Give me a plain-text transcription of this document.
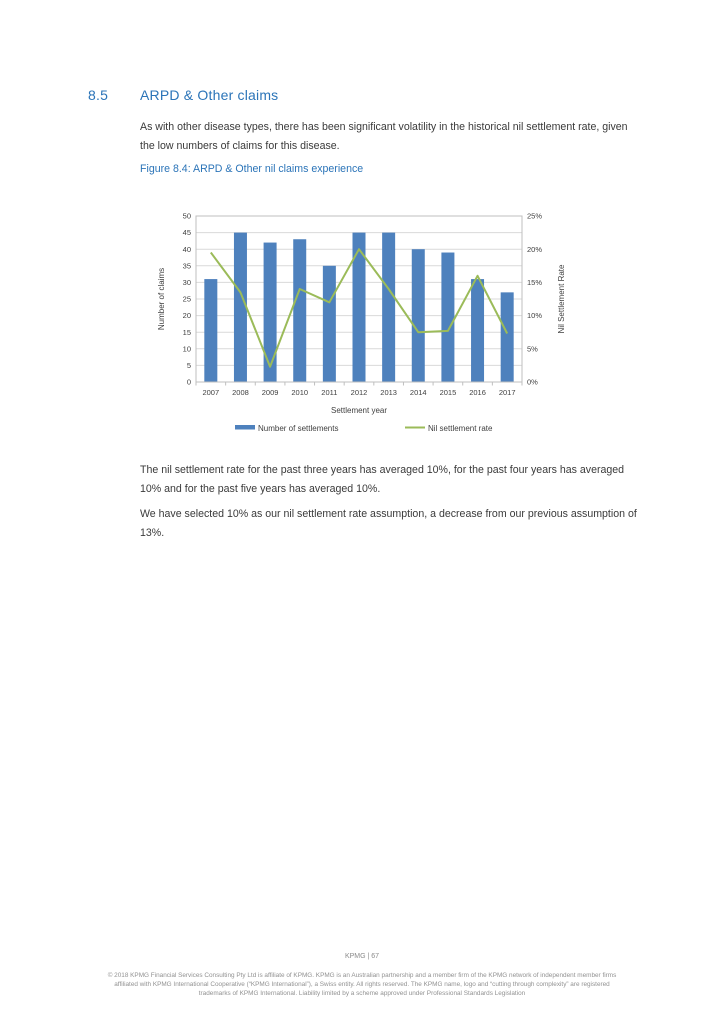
8.5 ARPD & Other claims
As with other disease types, there has been significant volatility in the historical nil settlement rate, given the low numbers of claims for this disease.
Figure 8.4: ARPD & Other nil claims experience
0
5
10
15
20
25
30
35
40
45
50
0%
5%
10%
15%
20%
25%
2007 2008 2009 2010 2011 2012 2013 2014 2015 2016 2017
Number of claims	Nil Settlement Rate
Settlement year
Number of settlements	Nil settlement rate
The nil settlement rate for the past three years has averaged 10%, for the past four years has averaged 10% and for the past five years has averaged 10%.
We have selected 10% as our nil settlement rate assumption, a decrease from our previous assumption of 13%.
KPMG | 67
© 2018 KPMG Financial Services Consulting Pty Ltd is affiliate of KPMG. KPMG is an Australian partnership and a member firm of the KPMG network of independent member firms
affiliated with KPMG International Cooperative (“KPMG International”), a Swiss entity. All rights reserved. The KPMG name, logo and “cutting through complexity” are registered
trademarks of KPMG International. Liability limited by a scheme approved under Professional Standards Legislation
